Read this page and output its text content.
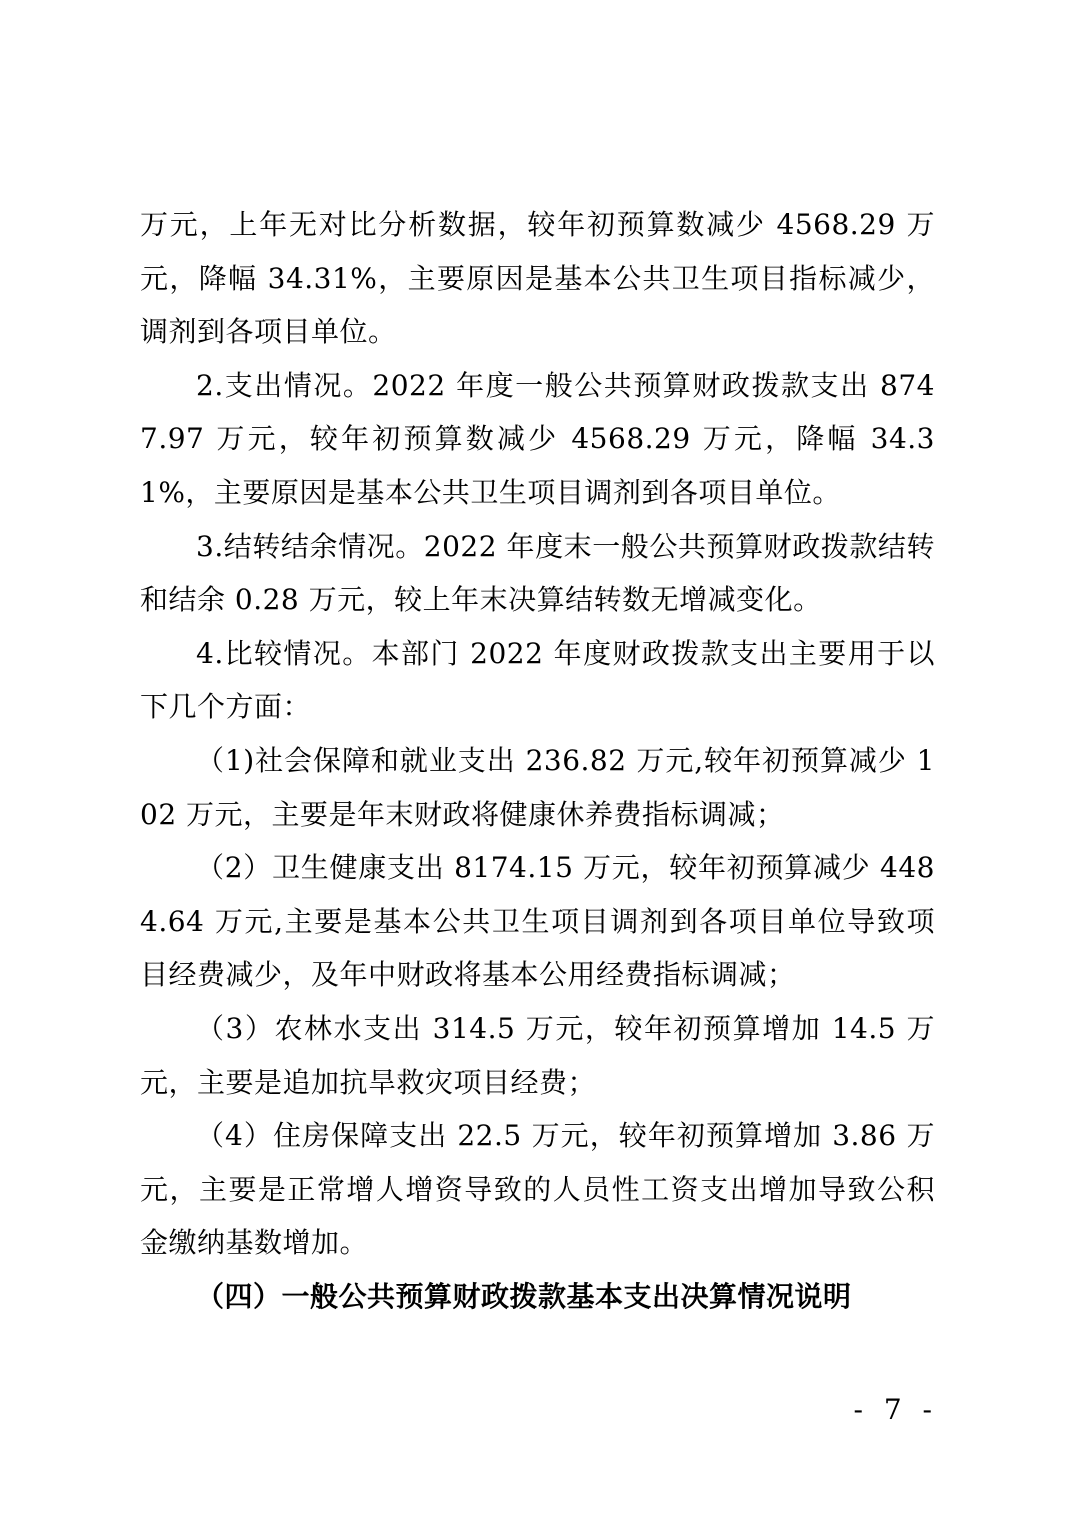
万元，上年无对比分析数据，较年初预算数减少 4568.29 万元，降幅 34.31%，主要原因是基本公共卫生项目指标减少，调剂到各项目单位。

2.支出情况。2022 年度一般公共预算财政拨款支出 8747.97 万元，较年初预算数减少 4568.29 万元，降幅 34.31%，主要原因是基本公共卫生项目调剂到各项目单位。

3.结转结余情况。2022 年度末一般公共预算财政拨款结转和结余 0.28 万元，较上年末决算结转数无增减变化。

4.比较情况。本部门 2022 年度财政拨款支出主要用于以下几个方面：

（1)社会保障和就业支出 236.82 万元,较年初预算减少 102 万元，主要是年末财政将健康休养费指标调减；

（2）卫生健康支出 8174.15 万元，较年初预算减少 4484.64 万元,主要是基本公共卫生项目调剂到各项目单位导致项目经费减少，及年中财政将基本公用经费指标调减；

（3）农林水支出 314.5 万元，较年初预算增加 14.5 万元，主要是追加抗旱救灾项目经费；

（4）住房保障支出 22.5 万元，较年初预算增加 3.86 万元，主要是正常增人增资导致的人员性工资支出增加导致公积金缴纳基数增加。

（四）一般公共预算财政拨款基本支出决算情况说明

- 7 -
